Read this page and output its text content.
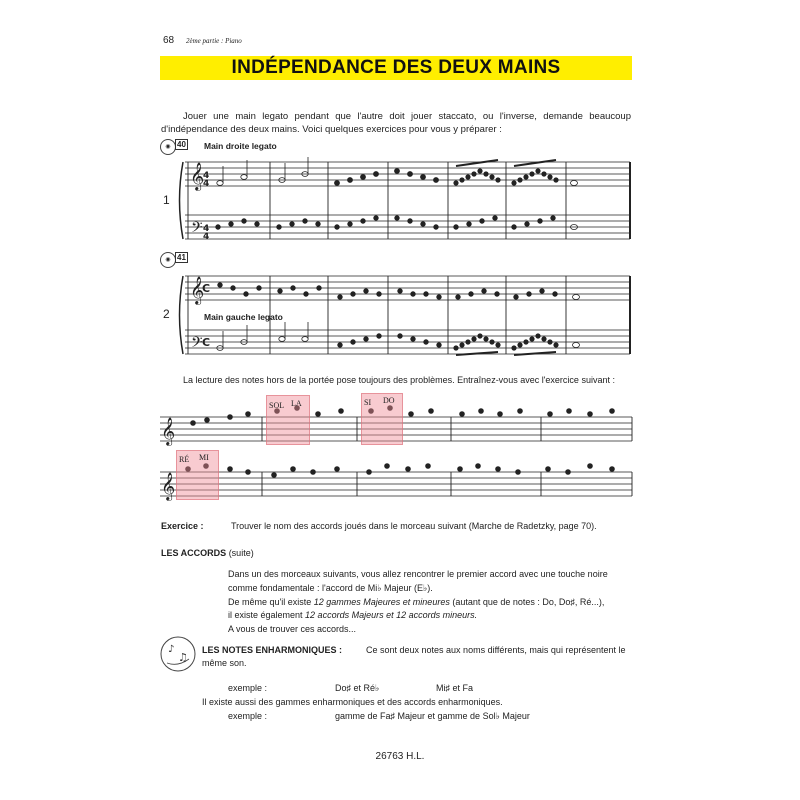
68 2ème partie : Piano
INDÉPENDANCE DES DEUX MAINS
Jouer une main legato pendant que l'autre doit jouer staccato, ou l'inverse, demande beaucoup d'indépendance des deux mains. Voici quelques exercices pour vous y préparer :
◉ 40 Main droite legato
1
◉ 41
Main gauche legato
2
𝄞
𝄢
𝄞
𝄢
𝄞
𝄞
4
4
4
4
C
C
SOL LA	SI DO
RÉ MI
La lecture des notes hors de la portée pose toujours des problèmes. Entraînez-vous avec l'exercice suivant :
Exercice :	Trouver le nom des accords joués dans le morceau suivant (Marche de Radetzky, page 70).
LES ACCORDS (suite)
Dans un des morceaux suivants, vous allez rencontrer le premier accord avec une touche noire
comme fondamentale : l'accord de Mi♭ Majeur (E♭).
De même qu'il existe 12 gammes Majeures et mineures (autant que de notes : Do, Do♯, Ré...),
il existe également 12 accords Majeurs et 12 accords mineurs.
A vous de trouver ces accords...
♪
♫
LES NOTES ENHARMONIQUES :	Ce sont deux notes aux noms différents, mais qui représentent le
même son.
exemple :	Do♯ et Ré♭	Mi♯ et Fa
Il existe aussi des gammes enharmoniques et des accords enharmoniques.
exemple :	gamme de Fa♯ Majeur et gamme de Sol♭ Majeur
26763 H.L.
